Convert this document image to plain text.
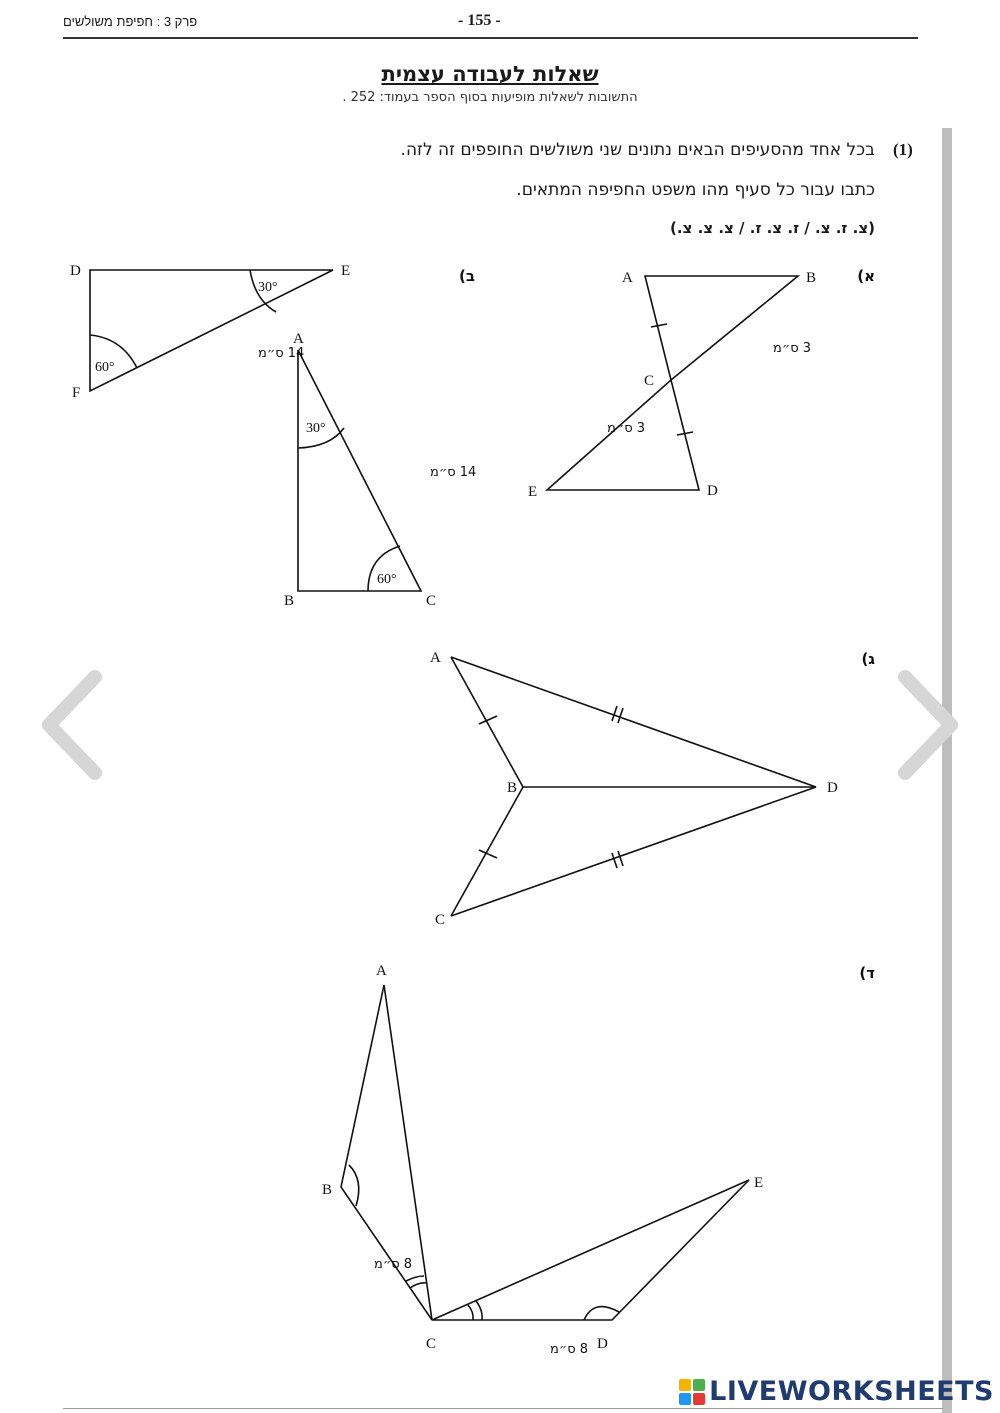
פרק 3 : חפיפת משולשים	- 155 -
שאלות לעבודה עצמית
התשובות לשאלות מופיעות בסוף הספר בעמוד: 252 .
(1)
בכל אחד מהסעיפים הבאים נתונים שני משולשים החופפים זה לזה.
כתבו עבור כל סעיף מהו משפט החפיפה המתאים.
(צ. ז. צ. / ז. צ. ז. / צ. צ. צ.)
(א
(ב
(ג
(ד
A	B
C
D
E
3 ס״מ
3 ס״מ
D	E
F
30°
60°
14 ס״מ
A
B	C
30°
60°
14 ס״מ
A
B
C
D
A
B
C	D
E
8 ס״מ
8 ס״מ
LIVEWORKSHEETS
